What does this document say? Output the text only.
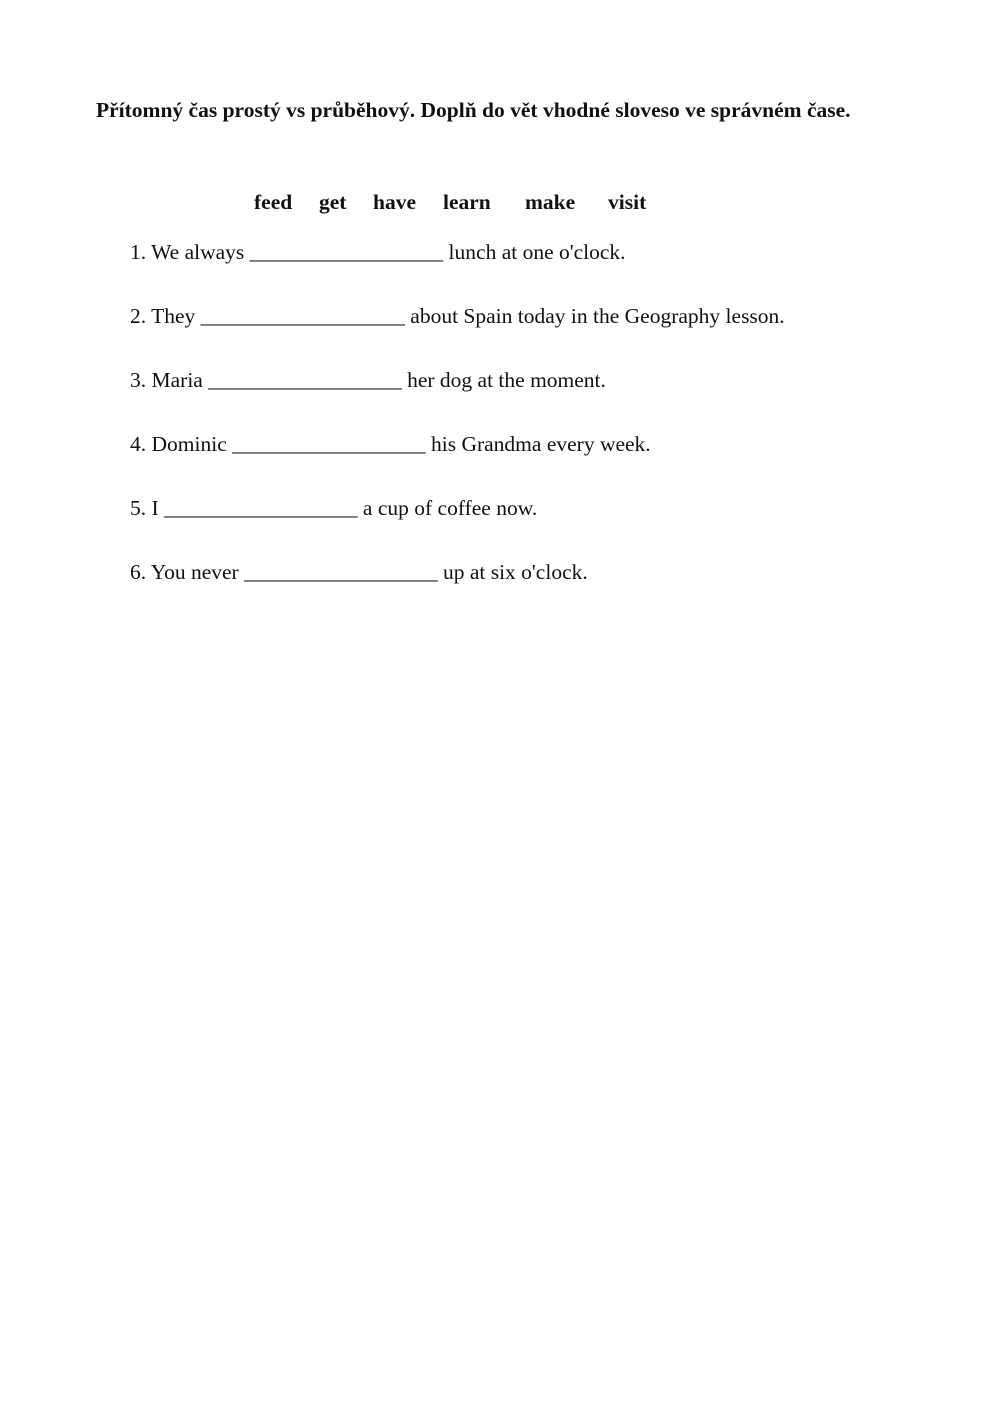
Přítomný čas prostý vs průběhový. Doplň do vět vhodné sloveso ve správném čase.

feed get have learn make visit
1. We always __________________ lunch at one o'clock.
2. They ___________________ about Spain today in the Geography lesson.
3. Maria __________________ her dog at the moment.
4. Dominic __________________ his Grandma every week.
5. I __________________ a cup of coffee now.
6. You never __________________ up at six o'clock.
